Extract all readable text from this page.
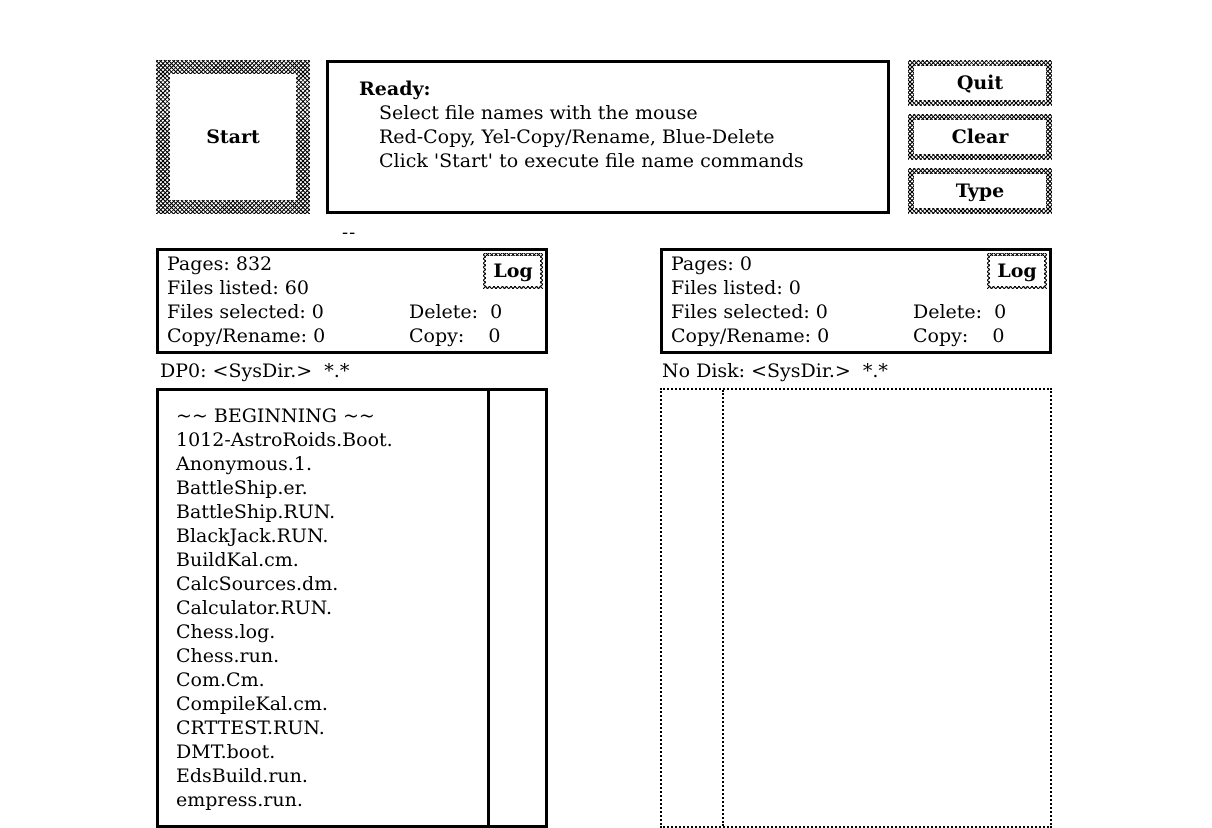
Start
Ready:
Select file names with the mouse
Red-Copy, Yel-Copy/Rename, Blue-Delete
Click 'Start' to execute file name commands
Quit
Clear
Type
--
Pages: 832
Files listed: 60
Files selected: 0	Delete:  0
Copy/Rename: 0	Copy:    0
Log	Pages: 0
Files listed: 0
Files selected: 0	Delete:  0
Copy/Rename: 0	Copy:    0
Log
DP0: <SysDir.>  *.*	No Disk: <SysDir.>  *.*
~~ BEGINNING ~~
1012-AstroRoids.Boot.
Anonymous.1.
BattleShip.er.
BattleShip.RUN.
BlackJack.RUN.
BuildKal.cm.
CalcSources.dm.
Calculator.RUN.
Chess.log.
Chess.run.
Com.Cm.
CompileKal.cm.
CRTTEST.RUN.
DMT.boot.
EdsBuild.run.
empress.run.
